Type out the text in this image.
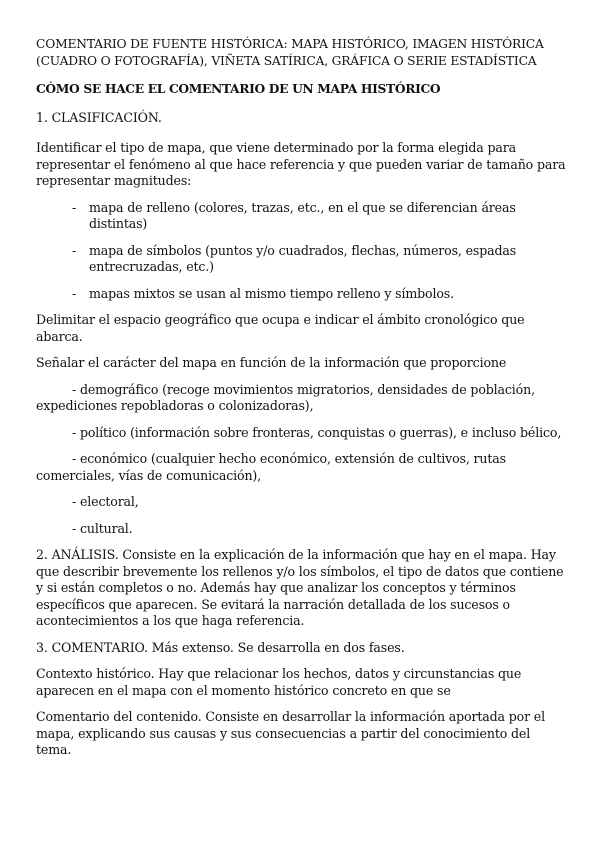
COMENTARIO DE FUENTE HISTÓRICA: MAPA HISTÓRICO, IMAGEN HISTÓRICA

(CUADRO O FOTOGRAFÍA), VIÑETA SATÍRICA, GRÁFICA O SERIE ESTADÍSTICA

CÓMO SE HACE EL COMENTARIO DE UN MAPA HISTÓRICO

1. CLASIFICACIÓN.

Identificar el tipo de mapa, que viene determinado por la forma elegida para representar el fenómeno al que hace referencia y que pueden variar de tamaño para representar magnitudes:

- mapa de relleno (colores, trazas, etc., en el que se diferencian áreas distintas)
- mapa de símbolos (puntos y/o cuadrados, flechas, números, espadas entrecruzadas, etc.)
- mapas mixtos se usan al mismo tiempo relleno y símbolos.

Delimitar el espacio geográfico que ocupa e indicar el ámbito cronológico que abarca.

Señalar el carácter del mapa en función de la información que proporcione

- demográfico (recoge movimientos migratorios, densidades de población, expediciones repobladoras o colonizadoras),

- político (información sobre fronteras, conquistas o guerras), e incluso bélico,

- económico (cualquier hecho económico, extensión de cultivos, rutas comerciales, vías de comunicación),

- electoral,

- cultural.

2. ANÁLISIS. Consiste en la explicación de la información que hay en el mapa. Hay que describir brevemente los rellenos y/o los símbolos, el tipo de datos que contiene y si están completos o no. Además hay que analizar los conceptos y términos específicos que aparecen. Se evitará la narración detallada de los sucesos o acontecimientos a los que haga referencia.

3. COMENTARIO. Más extenso. Se desarrolla en dos fases.

Contexto histórico. Hay que relacionar los hechos, datos y circunstancias que aparecen en el mapa con el momento histórico concreto en que se

Comentario del contenido. Consiste en desarrollar la información aportada por el mapa, explicando sus causas y sus consecuencias a partir del conocimiento del tema.
